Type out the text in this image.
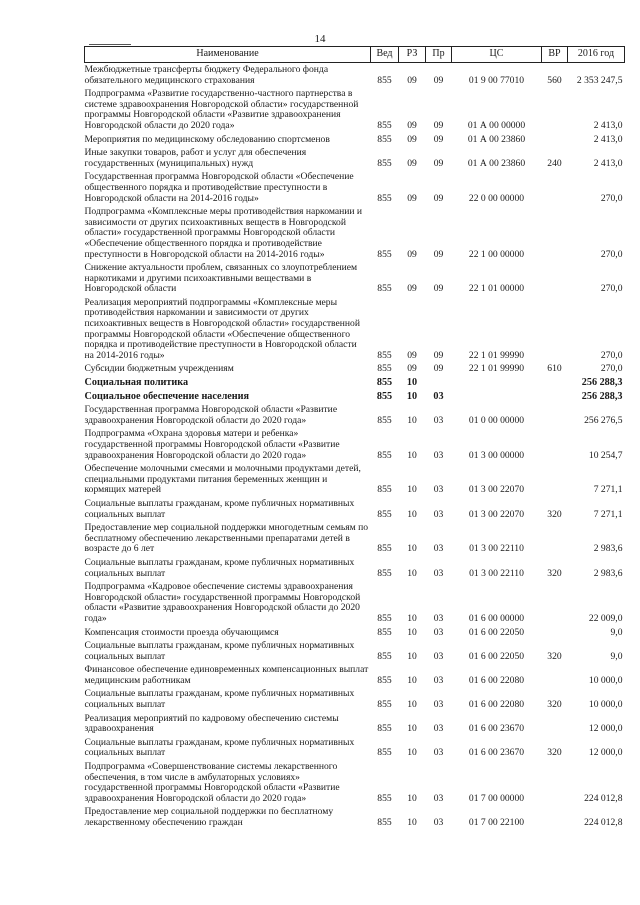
14
Наименование	Вед	РЗ	Пр	ЦС	ВР	2016 год
Межбюджетные трансферты бюджету Федерального фонда обязательного медицинского страхования	855	09	09	01 9 00 77010	560	2 353 247,5
Подпрограмма «Развитие государственно-частного партнерства в системе здравоохранения Новгородской области» государственной программы Новгородской области «Развитие здравоохранения Новгородской области до 2020 года»	855	09	09	01 А 00 00000		2 413,0
Мероприятия по медицинскому обследованию спортсменов	855	09	09	01 А 00 23860		2 413,0
Иные закупки товаров, работ и услуг для обеспечения государственных (муниципальных) нужд	855	09	09	01 А 00 23860	240	2 413,0
Государственная программа Новгородской области «Обеспечение общественного порядка и противодействие преступности в Новгородской области на 2014-2016 годы»	855	09	09	22 0 00 00000		270,0
Подпрограмма «Комплексные меры противодействия наркомании и зависимости от других психоактивных веществ в Новгородской области» государственной программы Новгородской области «Обеспечение общественного порядка и противодействие преступности в Новгородской области на 2014-2016 годы»	855	09	09	22 1 00 00000		270,0
Снижение актуальности проблем, связанных со злоупотреблением наркотиками и другими психоактивными веществами в Новгородской области	855	09	09	22 1 01 00000		270,0
Реализация мероприятий подпрограммы «Комплексные меры противодействия наркомании и зависимости от других психоактивных веществ в Новгородской области» государственной программы Новгородской области «Обеспечение общественного порядка и противодействие преступности в Новгородской области на 2014-2016 годы»	855	09	09	22 1 01 99990		270,0
Субсидии бюджетным учреждениям	855	09	09	22 1 01 99990	610	270,0
Социальная политика	855	10				256 288,3
Социальное обеспечение населения	855	10	03			256 288,3
Государственная программа Новгородской области «Развитие здравоохранения Новгородской области до 2020 года»	855	10	03	01 0 00 00000		256 276,5
Подпрограмма «Охрана здоровья матери и ребенка» государственной программы Новгородской области «Развитие здравоохранения Новгородской области до 2020 года»	855	10	03	01 3 00 00000		10 254,7
Обеспечение молочными смесями и молочными продуктами детей, специальными продуктами питания беременных женщин и кормящих матерей	855	10	03	01 3 00 22070		7 271,1
Социальные выплаты гражданам, кроме публичных нормативных социальных выплат	855	10	03	01 3 00 22070	320	7 271,1
Предоставление мер социальной поддержки многодетным семьям по бесплатному обеспечению лекарственными препаратами детей в возрасте до 6 лет	855	10	03	01 3 00 22110		2 983,6
Социальные выплаты гражданам, кроме публичных нормативных социальных выплат	855	10	03	01 3 00 22110	320	2 983,6
Подпрограмма «Кадровое обеспечение системы здравоохранения Новгородской области» государственной программы Новгородской области «Развитие здравоохранения Новгородской области до 2020 года»	855	10	03	01 6 00 00000		22 009,0
Компенсация стоимости проезда обучающимся	855	10	03	01 6 00 22050		9,0
Социальные выплаты гражданам, кроме публичных нормативных социальных выплат	855	10	03	01 6 00 22050	320	9,0
Финансовое обеспечение единовременных компенсационных выплат медицинским работникам	855	10	03	01 6 00 22080		10 000,0
Социальные выплаты гражданам, кроме публичных нормативных социальных выплат	855	10	03	01 6 00 22080	320	10 000,0
Реализация мероприятий по кадровому обеспечению системы здравоохранения	855	10	03	01 6 00 23670		12 000,0
Социальные выплаты гражданам, кроме публичных нормативных социальных выплат	855	10	03	01 6 00 23670	320	12 000,0
Подпрограмма «Совершенствование системы лекарственного обеспечения, в том числе в амбулаторных условиях» государственной программы Новгородской области «Развитие здравоохранения Новгородской области до 2020 года»	855	10	03	01 7 00 00000		224 012,8
Предоставление мер социальной поддержки по бесплатному лекарственному обеспечению граждан	855	10	03	01 7 00 22100		224 012,8
